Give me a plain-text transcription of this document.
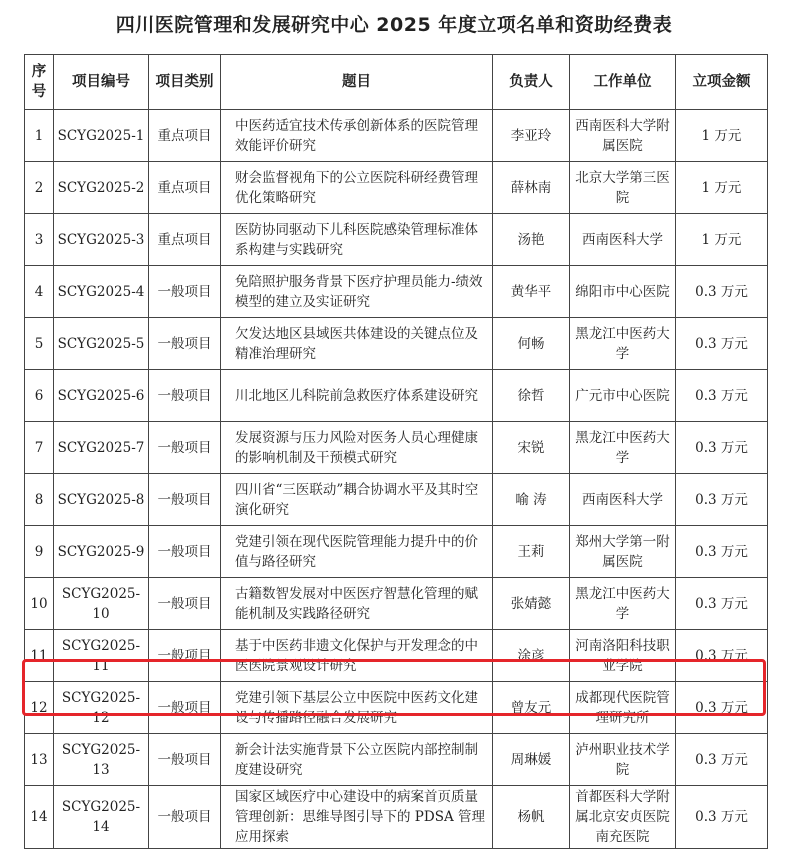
四川医院管理和发展研究中心 2025 年度立项名单和资助经费表
序号	项目编号	项目类别	题目	负责人	工作单位	立项金额
1	SCYG2025-1	重点项目	中医药适宜技术传承创新体系的医院管理效能评价研究	李亚玲	西南医科大学附属医院	1 万元
2	SCYG2025-2	重点项目	财会监督视角下的公立医院科研经费管理优化策略研究	薛林南	北京大学第三医院	1 万元
3	SCYG2025-3	重点项目	医防协同驱动下儿科医院感染管理标准体系构建与实践研究	汤艳	西南医科大学	1 万元
4	SCYG2025-4	一般项目	免陪照护服务背景下医疗护理员能力-绩效模型的建立及实证研究	黄华平	绵阳市中心医院	0.3 万元
5	SCYG2025-5	一般项目	欠发达地区县域医共体建设的关键点位及精准治理研究	何畅	黑龙江中医药大学	0.3 万元
6	SCYG2025-6	一般项目	川北地区儿科院前急救医疗体系建设研究	徐哲	广元市中心医院	0.3 万元
7	SCYG2025-7	一般项目	发展资源与压力风险对医务人员心理健康的影响机制及干预模式研究	宋锐	黑龙江中医药大学	0.3 万元
8	SCYG2025-8	一般项目	四川省“三医联动”耦合协调水平及其时空演化研究	喻 涛	西南医科大学	0.3 万元
9	SCYG2025-9	一般项目	党建引领在现代医院管理能力提升中的价值与路径研究	王莉	郑州大学第一附属医院	0.3 万元
10	SCYG2025-10	一般项目	古籍数智发展对中医医疗智慧化管理的赋能机制及实践路径研究	张婧懿	黑龙江中医药大学	0.3 万元
11	SCYG2025-11	一般项目	基于中医药非遗文化保护与开发理念的中医医院景观设计研究	涂彦	河南洛阳科技职业学院	0.3 万元
12	SCYG2025-12	一般项目	党建引领下基层公立中医院中医药文化建设与传播路径融合发展研究	曾友元	成都现代医院管理研究所	0.3 万元
13	SCYG2025-13	一般项目	新会计法实施背景下公立医院内部控制制度建设研究	周琳媛	泸州职业技术学院	0.3 万元
14	SCYG2025-14	一般项目	国家区域医疗中心建设中的病案首页质量管理创新：思维导图引导下的 PDSA 管理应用探索	杨帆	首都医科大学附属北京安贞医院南充医院	0.3 万元
